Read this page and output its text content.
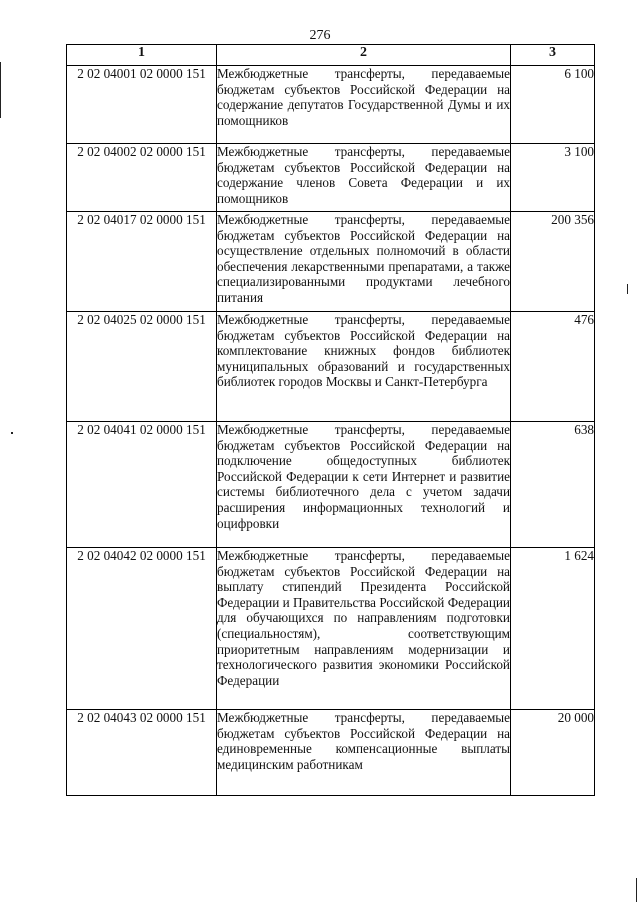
276
1	2	3
2 02 04001 02 0000 151	Межбюджетные трансферты, передаваемые бюджетам субъектов Российской Федерации на содержание депутатов Государственной Думы и их помощников	6 100
2 02 04002 02 0000 151	Межбюджетные трансферты, передаваемые бюджетам субъектов Российской Федерации на содержание членов Совета Федерации и их помощников	3 100
2 02 04017 02 0000 151	Межбюджетные трансферты, передаваемые бюджетам субъектов Российской Федерации на осуществление отдельных полномочий в области обеспечения лекарственными препаратами, а также специализированными продуктами лечебного питания	200 356
2 02 04025 02 0000 151	Межбюджетные трансферты, передаваемые бюджетам субъектов Российской Федерации на комплектование книжных фондов библиотек муниципальных образований и государственных библиотек городов Москвы и Санкт-Петербурга	476
2 02 04041 02 0000 151	Межбюджетные трансферты, передаваемые бюджетам субъектов Российской Федерации на подключение общедоступных библиотек Российской Федерации к сети Интернет и развитие системы библиотечного дела с учетом задачи расширения информационных технологий и оцифровки	638
2 02 04042 02 0000 151	Межбюджетные трансферты, передаваемые бюджетам субъектов Российской Федерации на выплату стипендий Президента Российской Федерации и Правительства Российской Федерации для обучающихся по направлениям подготовки (специальностям), соответствующим приоритетным направлениям модернизации и технологического развития экономики Российской Федерации	1 624
2 02 04043 02 0000 151	Межбюджетные трансферты, передаваемые бюджетам субъектов Российской Федерации на единовременные компенсационные выплаты медицинским работникам	20 000
